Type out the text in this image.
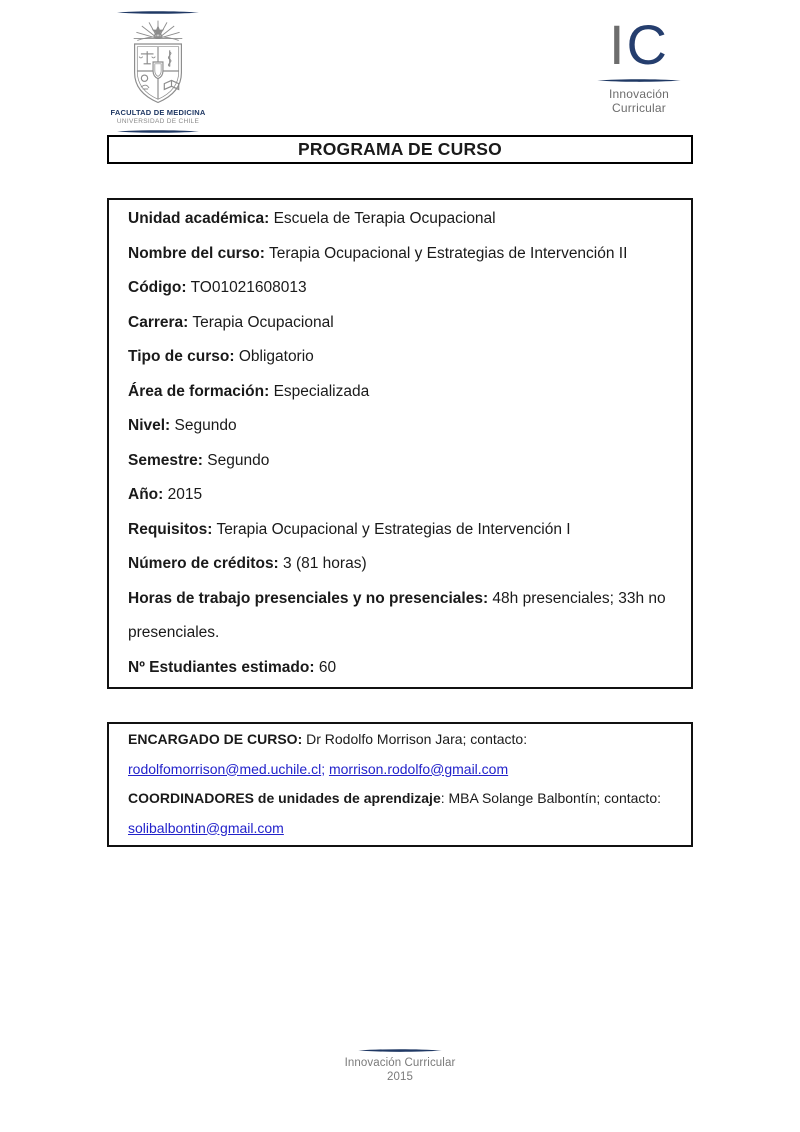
FACULTAD DE MEDICINA
UNIVERSIDAD DE CHILE
IC
Innovación
Curricular
PROGRAMA DE CURSO
Unidad académica: Escuela de Terapia Ocupacional
Nombre del curso: Terapia Ocupacional y Estrategias de Intervención II
Código: TO01021608013
Carrera: Terapia Ocupacional
Tipo de curso: Obligatorio
Área de formación: Especializada
Nivel: Segundo
Semestre: Segundo
Año: 2015
Requisitos: Terapia Ocupacional y Estrategias de Intervención I
Número de créditos: 3 (81 horas)
Horas de trabajo presenciales y no presenciales: 48h presenciales; 33h no presenciales.
Nº Estudiantes estimado: 60
ENCARGADO DE CURSO: Dr Rodolfo Morrison Jara; contacto:
rodolfomorrison@med.uchile.cl; morrison.rodolfo@gmail.com
COORDINADORES de unidades de aprendizaje: MBA Solange Balbontín; contacto:
solibalbontin@gmail.com
Innovación Curricular
2015
